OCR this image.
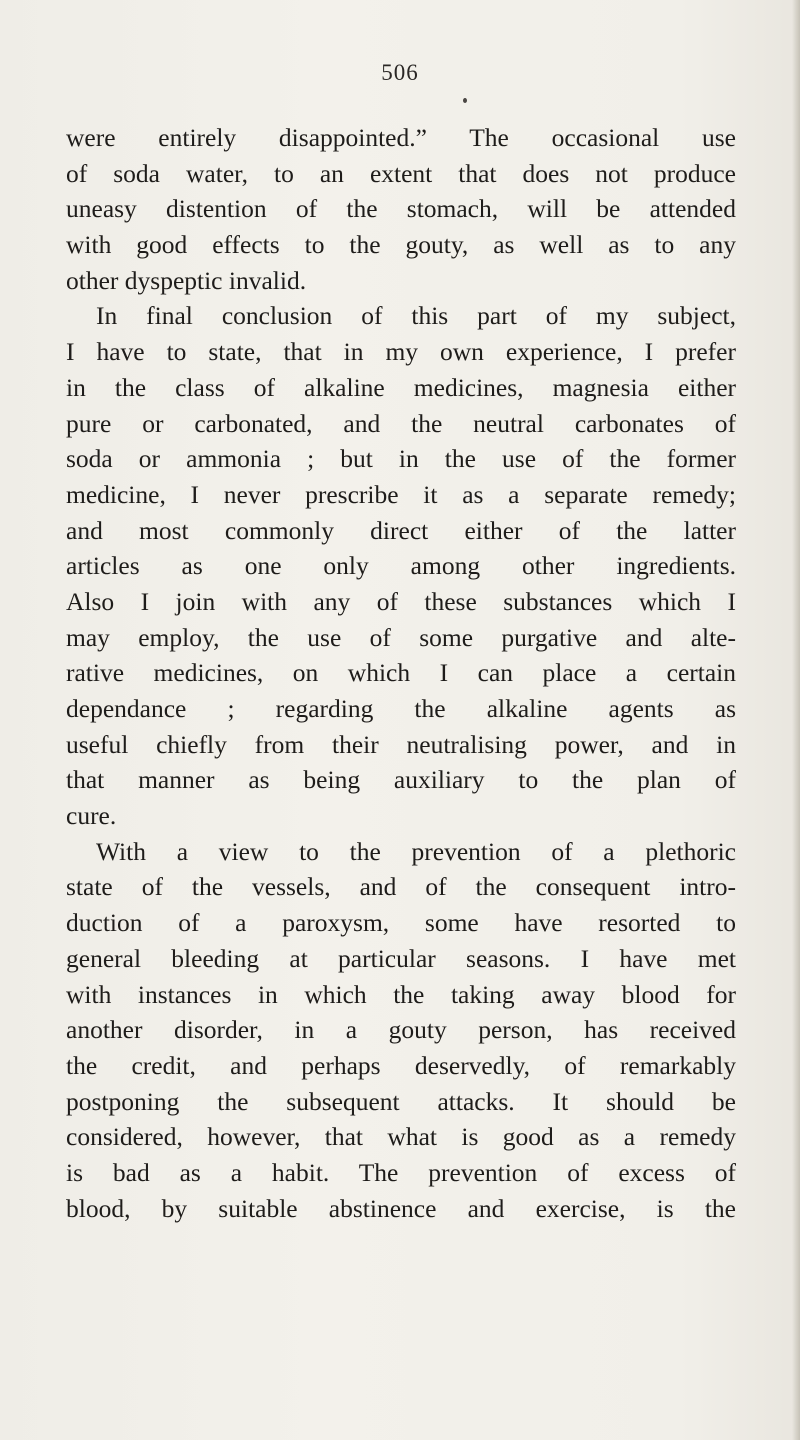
506
were entirely disappointed.” The occasional use
of soda water, to an extent that does not produce
uneasy distention of the stomach, will be attended
with good effects to the gouty, as well as to any
other dyspeptic invalid.
In final conclusion of this part of my subject,
I have to state, that in my own experience, I prefer
in the class of alkaline medicines, magnesia either
pure or carbonated, and the neutral carbonates of
soda or ammonia ; but in the use of the former
medicine, I never prescribe it as a separate remedy;
and most commonly direct either of the latter
articles as one only among other ingredients.
Also I join with any of these substances which I
may employ, the use of some purgative and alte-
rative medicines, on which I can place a certain
dependance ; regarding the alkaline agents as
useful chiefly from their neutralising power, and in
that manner as being auxiliary to the plan of
cure.
With a view to the prevention of a plethoric
state of the vessels, and of the consequent intro-
duction of a paroxysm, some have resorted to
general bleeding at particular seasons. I have met
with instances in which the taking away blood for
another disorder, in a gouty person, has received
the credit, and perhaps deservedly, of remarkably
postponing the subsequent attacks. It should be
considered, however, that what is good as a remedy
is bad as a habit. The prevention of excess of
blood, by suitable abstinence and exercise, is the
